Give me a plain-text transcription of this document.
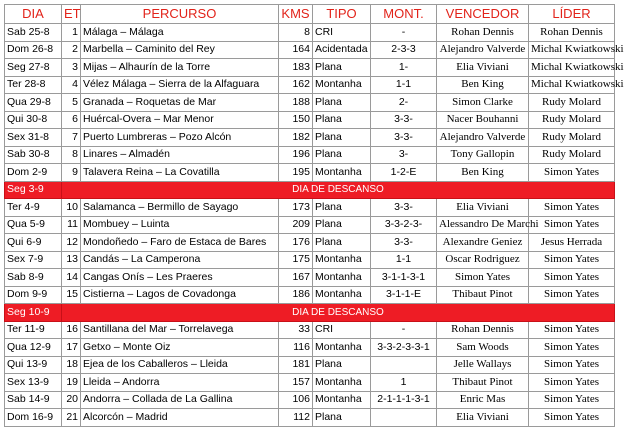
DIA	ET	PERCURSO	KMS	TIPO	MONT.	VENCEDOR	LÍDER
Sab 25-8	1	Málaga – Málaga	8	CRI	-	Rohan Dennis	Rohan Dennis
Dom 26-8	2	Marbella – Caminito del Rey	164	Acidentada	2-3-3	Alejandro Valverde	Michal Kwiatkowski
Seg 27-8	3	Mijas – Alhaurín de la Torre	183	Plana	1-	Elia Viviani	Michal Kwiatkowski
Ter 28-8	4	Vélez Málaga – Sierra de la Alfaguara	162	Montanha	1-1	Ben King	Michal Kwiatkowski
Qua 29-8	5	Granada – Roquetas de Mar	188	Plana	2-	Simon Clarke	Rudy Molard
Qui 30-8	6	Huércal-Overa – Mar Menor	150	Plana	3-3-	Nacer Bouhanni	Rudy Molard
Sex 31-8	7	Puerto Lumbreras – Pozo Alcón	182	Plana	3-3-	Alejandro Valverde	Rudy Molard
Sab 30-8	8	Linares – Almadén	196	Plana	3-	Tony Gallopin	Rudy Molard
Dom 2-9	9	Talavera Reina – La Covatilla	195	Montanha	1-2-E	Ben King	Simon Yates
Seg 3-9	DIA DE DESCANSO						
Ter 4-9	10	Salamanca – Bermillo de Sayago	173	Plana	3-3-	Elia Viviani	Simon Yates
Qua 5-9	11	Mombuey – Luinta	209	Plana	3-3-2-3-	Alessandro De Marchi	Simon Yates
Qui 6-9	12	Mondoñedo – Faro de Estaca de Bares	176	Plana	3-3-	Alexandre Geniez	Jesus Herrada
Sex 7-9	13	Candás – La Camperona	175	Montanha	1-1	Oscar Rodriguez	Simon Yates
Sab 8-9	14	Cangas Onís – Les Praeres	167	Montanha	3-1-1-3-1	Simon Yates	Simon Yates
Dom 9-9	15	Cistierna – Lagos de Covadonga	186	Montanha	3-1-1-E	Thibaut Pinot	Simon Yates
Seg 10-9	DIA DE DESCANSO						
Ter 11-9	16	Santillana del Mar – Torrelavega	33	CRI	-	Rohan Dennis	Simon Yates
Qua 12-9	17	Getxo – Monte Oiz	116	Montanha	3-3-2-3-3-1	Sam Woods	Simon Yates
Qui 13-9	18	Ejea de los Caballeros – Lleida	181	Plana		Jelle Wallays	Simon Yates
Sex 13-9	19	Lleida – Andorra	157	Montanha	1	Thibaut Pinot	Simon Yates
Sab 14-9	20	Andorra – Collada de La Gallina	106	Montanha	2-1-1-1-3-1	Enric Mas	Simon Yates
Dom 16-9	21	Alcorcón – Madrid	112	Plana		Elia Viviani	Simon Yates
